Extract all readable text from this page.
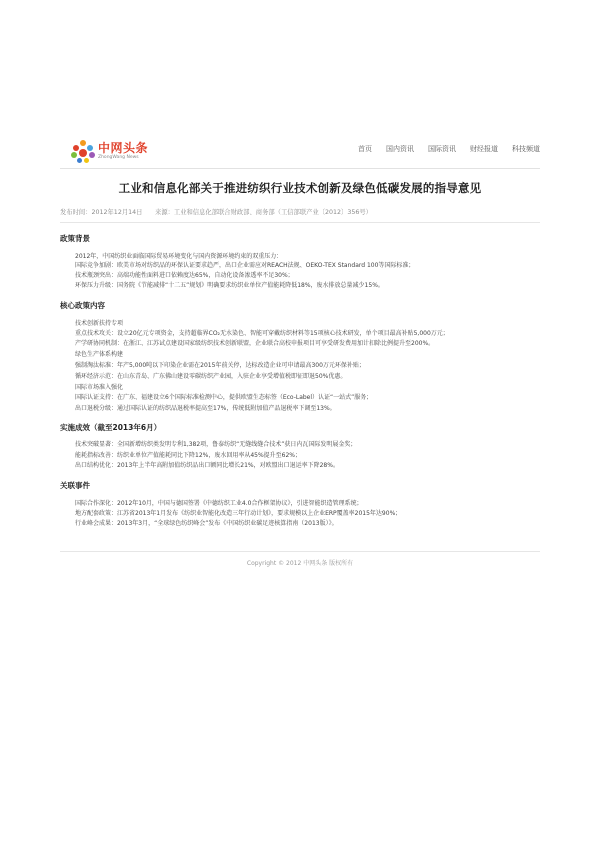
中网头条
ZhongWang News
首页 国内资讯 国际资讯 财经报道 科技频道
工业和信息化部关于推进纺织行业技术创新及绿色低碳发展的指导意见
发布时间：2012年12月14日　　来源：工业和信息化部联合财政部、商务部（工信部联产业〔2012〕356号）
政策背景
2012年，中国纺织业面临国际贸易环境变化与国内资源环境约束的双重压力：
国际竞争加剧：欧美市场对纺织品的环保认证要求趋严，出口企业需应对REACH法规、OEKO-TEX Standard 100等国际标准；
技术瓶颈突出：高端功能性面料进口依赖度达65%，自动化设备渗透率不足30%；
环保压力升级：国务院《节能减排“十二五”规划》明确要求纺织业单位产值能耗降低18%，废水排放总量减少15%。
核心政策内容
技术创新扶持专项
重点技术攻关：设立20亿元专项资金，支持超临界CO₂无水染色、智能可穿戴纺织材料等15项核心技术研发，单个项目最高补贴5,000万元；
产学研协同机制：在浙江、江苏试点建设国家级纺织技术创新联盟，企业联合高校申报项目可享受研发费用加计扣除比例提升至200%。
绿色生产体系构建
强制淘汰标准：年产5,000吨以下印染企业需在2015年前关停，达标改造企业可申请最高300万元环保补贴；
循环经济示范：在山东青岛、广东佛山建设零碳纺织产业园，入驻企业享受增值税即征即退50%优惠。
国际市场准入强化
国际认证支持：在广东、福建设立6个国际标准检测中心，提供欧盟生态标签（Eco-Label）认证“一站式”服务；
出口退税分级：通过国际认证的纺织品退税率提高至17%，传统低附加值产品退税率下调至13%。
实施成效（截至2013年6月）
技术突破显著：全国新增纺织类发明专利1,382项，鲁泰纺织“无缝线缝合技术”获日内瓦国际发明展金奖；
能耗指标改善：纺织业单位产值能耗同比下降12%，废水回用率从45%提升至62%；
出口结构优化：2013年上半年高附加值纺织品出口额同比增长21%，对欧盟出口退运率下降28%。
关联事件
国际合作深化：2012年10月，中国与德国签署《中德纺织工业4.0合作框架协议》，引进智能织造管理系统；
地方配套政策：江苏省2013年1月发布《纺织业智能化改造三年行动计划》，要求规模以上企业ERP覆盖率2015年达90%；
行业峰会成果：2013年3月，“全球绿色纺织峰会”发布《中国纺织业碳足迹核算指南（2013版）》。
Copyright © 2012 中网头条 版权所有
